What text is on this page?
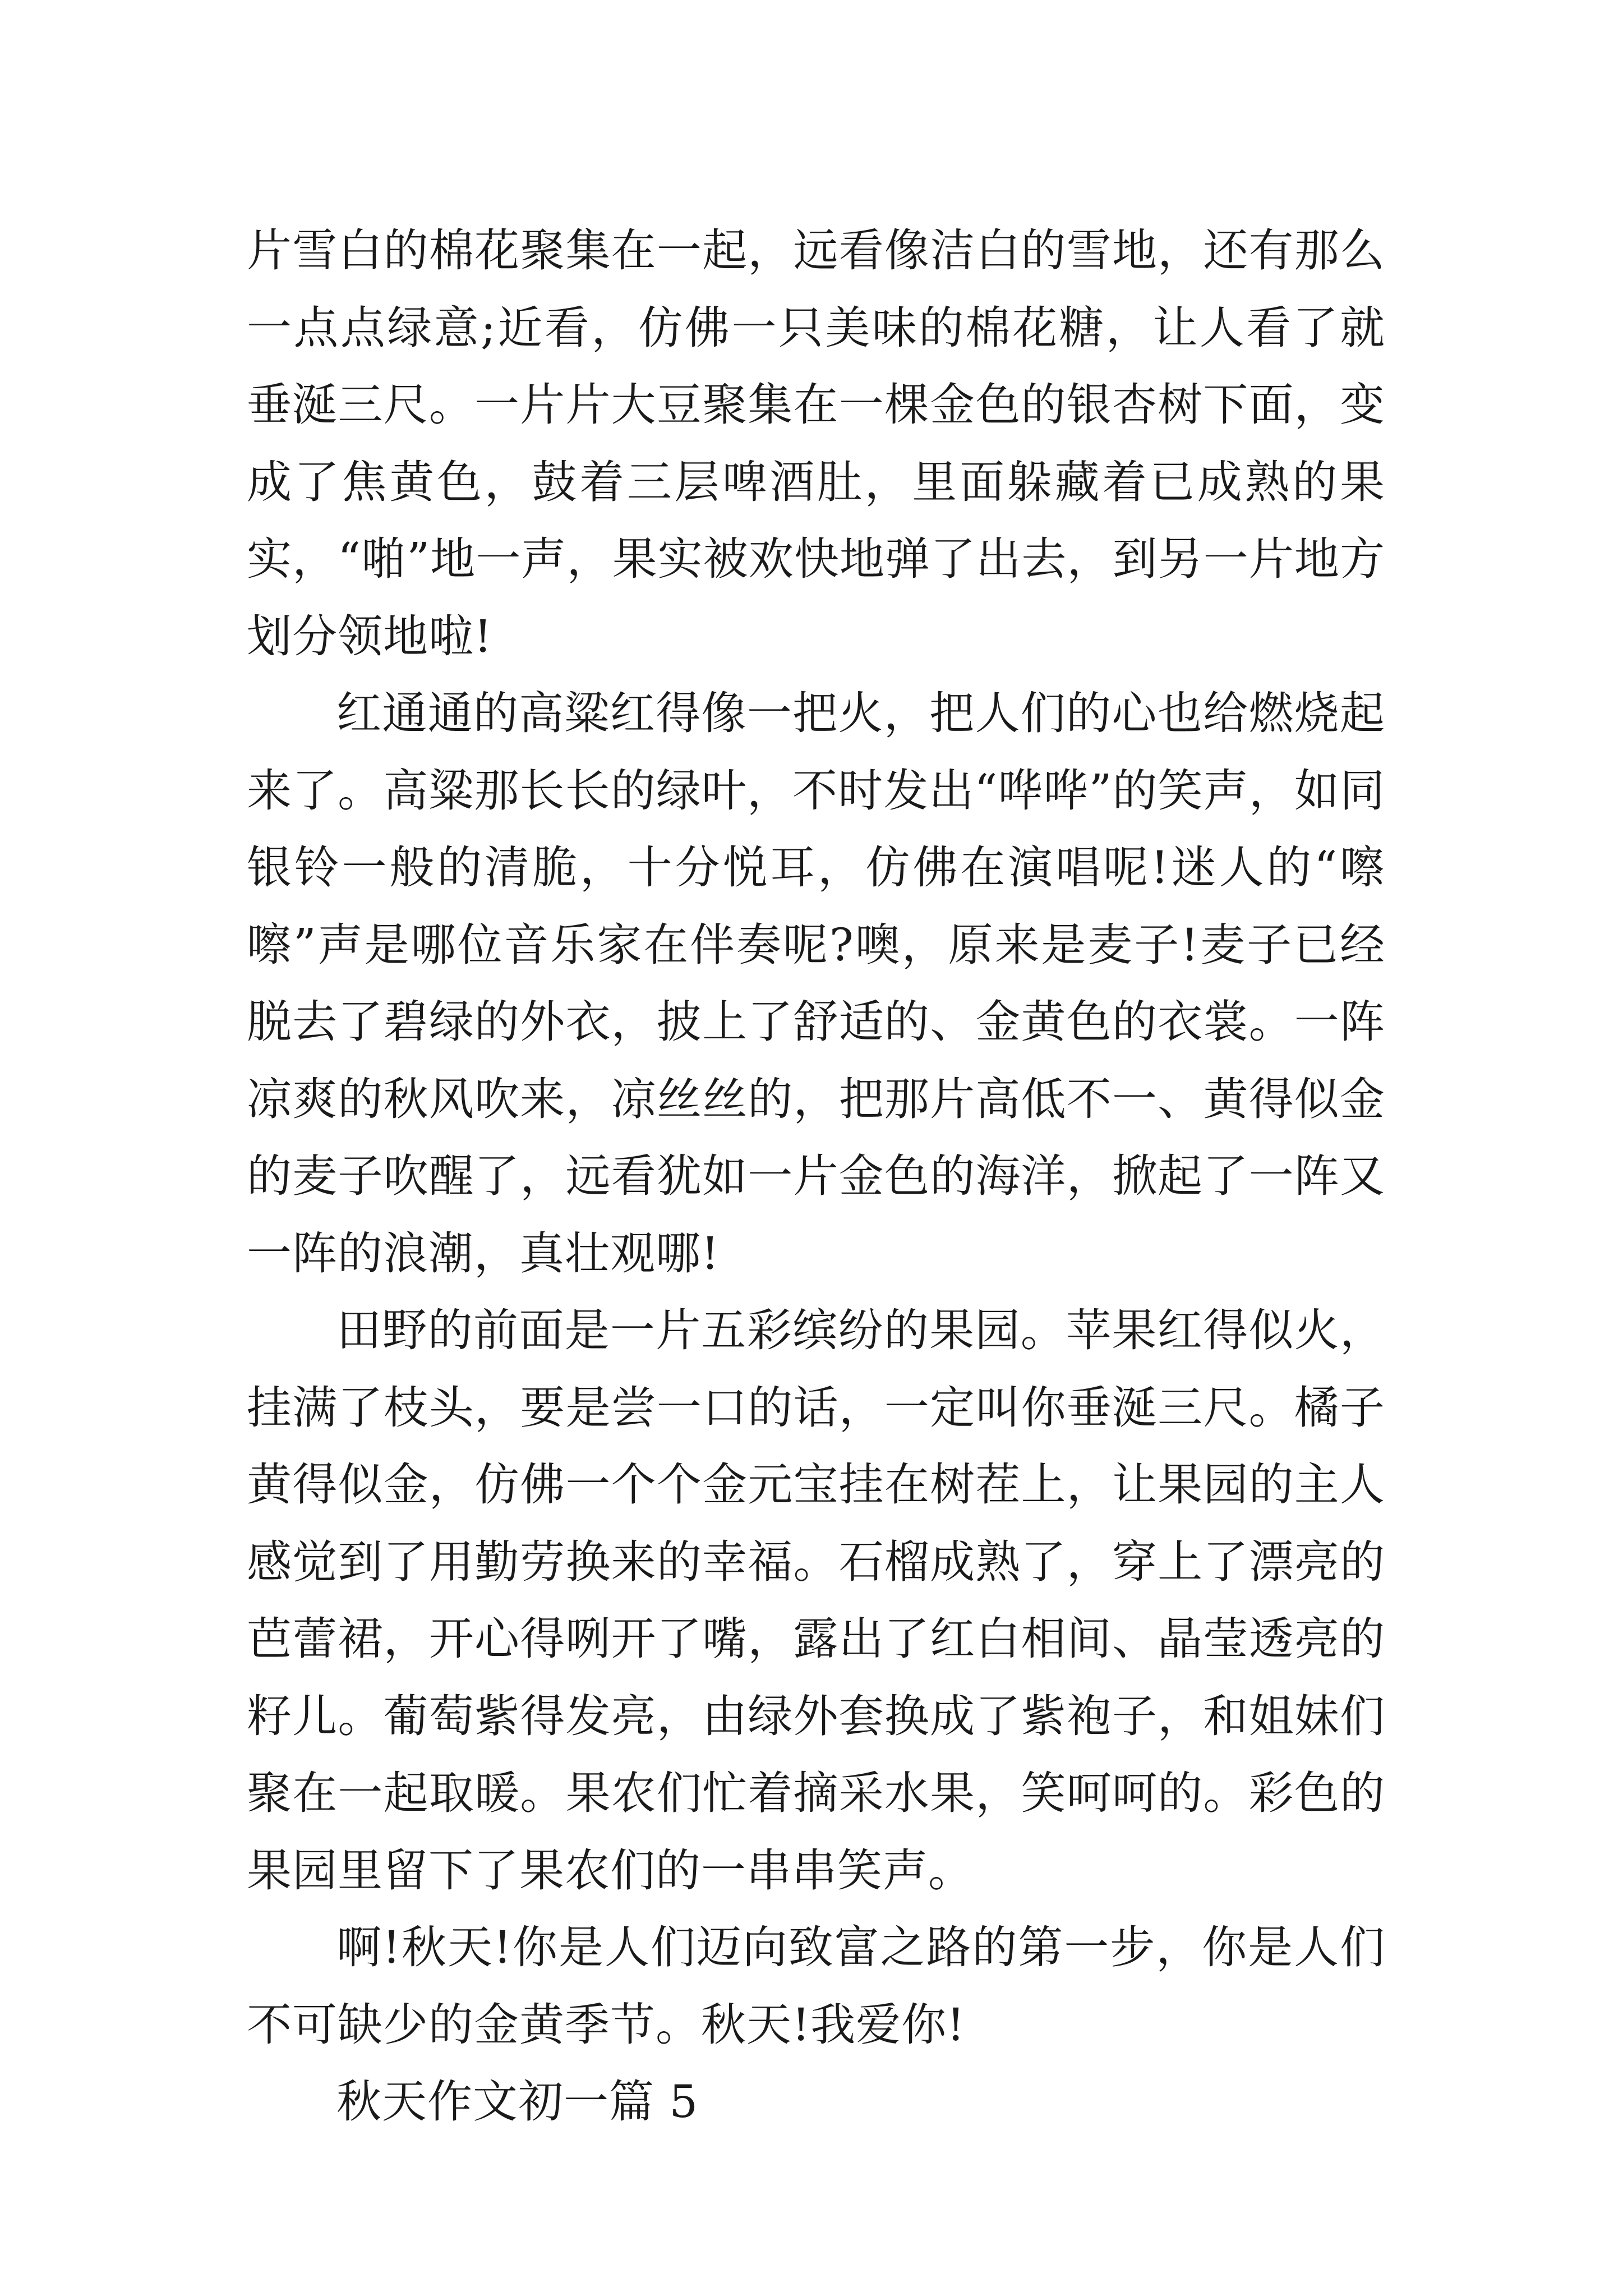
片雪白的棉花聚集在一起，远看像洁白的雪地，还有那么一点点绿意;近看，仿佛一只美味的棉花糖，让人看了就垂涎三尺。一片片大豆聚集在一棵金色的银杏树下面，变成了焦黄色，鼓着三层啤酒肚，里面躲藏着已成熟的果实，“啪”地一声，果实被欢快地弹了出去，到另一片地方划分领地啦!

红通通的高粱红得像一把火，把人们的心也给燃烧起来了。高粱那长长的绿叶，不时发出“哗哗”的笑声，如同银铃一般的清脆，十分悦耳，仿佛在演唱呢!迷人的“嚓嚓”声是哪位音乐家在伴奏呢?噢，原来是麦子!麦子已经脱去了碧绿的外衣，披上了舒适的、金黄色的衣裳。一阵凉爽的秋风吹来，凉丝丝的，把那片高低不一、黄得似金的麦子吹醒了，远看犹如一片金色的海洋，掀起了一阵又一阵的浪潮，真壮观哪!

田野的前面是一片五彩缤纷的果园。苹果红得似火，挂满了枝头，要是尝一口的话，一定叫你垂涎三尺。橘子黄得似金，仿佛一个个金元宝挂在树茬上，让果园的主人感觉到了用勤劳换来的幸福。石榴成熟了，穿上了漂亮的芭蕾裙，开心得咧开了嘴，露出了红白相间、晶莹透亮的籽儿。葡萄紫得发亮，由绿外套换成了紫袍子，和姐妹们聚在一起取暖。果农们忙着摘采水果，笑呵呵的。彩色的果园里留下了果农们的一串串笑声。

啊!秋天!你是人们迈向致富之路的第一步，你是人们不可缺少的金黄季节。秋天!我爱你!

秋天作文初一篇 5
